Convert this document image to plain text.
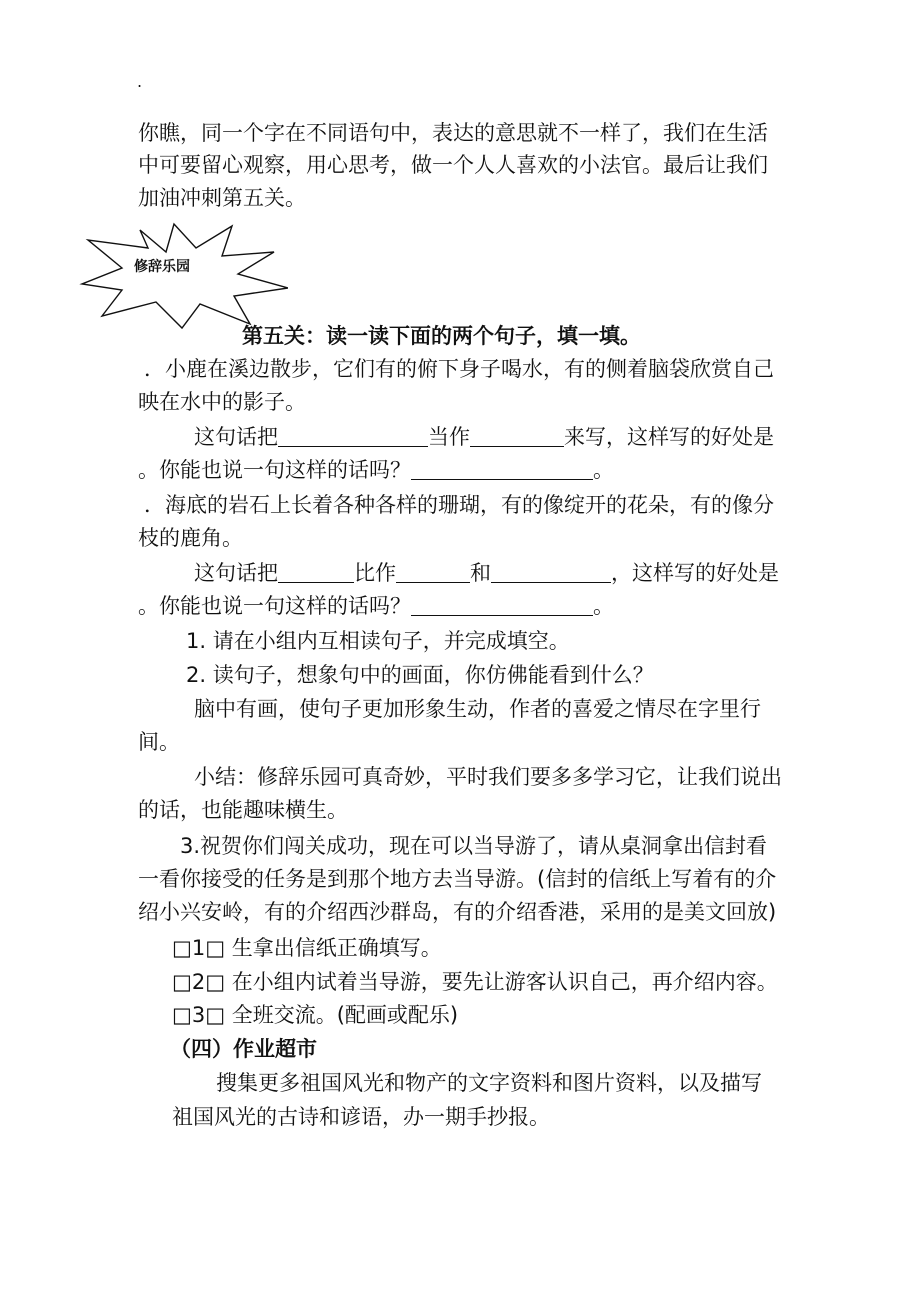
.
你瞧，同一个字在不同语句中，表达的意思就不一样了，我们在生活
中可要留心观察，用心思考，做一个人人喜欢的小法官。最后让我们
加油冲刺第五关。
修辞乐园
第五关：读一读下面的两个句子，填一填。
．小鹿在溪边散步，它们有的俯下身子喝水，有的侧着脑袋欣赏自己
映在水中的影子。
这句话把	当作	来写，这样写的好处是
。你能也说一句这样的话吗？	。
．海底的岩石上长着各种各样的珊瑚，有的像绽开的花朵，有的像分
枝的鹿角。
这句话把	比作	和	，这样写的好处是
。你能也说一句这样的话吗？	。
1. 请在小组内互相读句子，并完成填空。
2. 读句子，想象句中的画面，你仿佛能看到什么？
脑中有画，使句子更加形象生动，作者的喜爱之情尽在字里行
间。
小结：修辞乐园可真奇妙，平时我们要多多学习它，让我们说出
的话，也能趣味横生。
3.祝贺你们闯关成功，现在可以当导游了，请从桌洞拿出信封看
一看你接受的任务是到那个地方去当导游。(信封的信纸上写着有的介
绍小兴安岭，有的介绍西沙群岛，有的介绍香港，采用的是美文回放)
□1□ 生拿出信纸正确填写。
□2□ 在小组内试着当导游，要先让游客认识自己，再介绍内容。
□3□ 全班交流。(配画或配乐)
（四）作业超市
搜集更多祖国风光和物产的文字资料和图片资料，以及描写
祖国风光的古诗和谚语，办一期手抄报。
